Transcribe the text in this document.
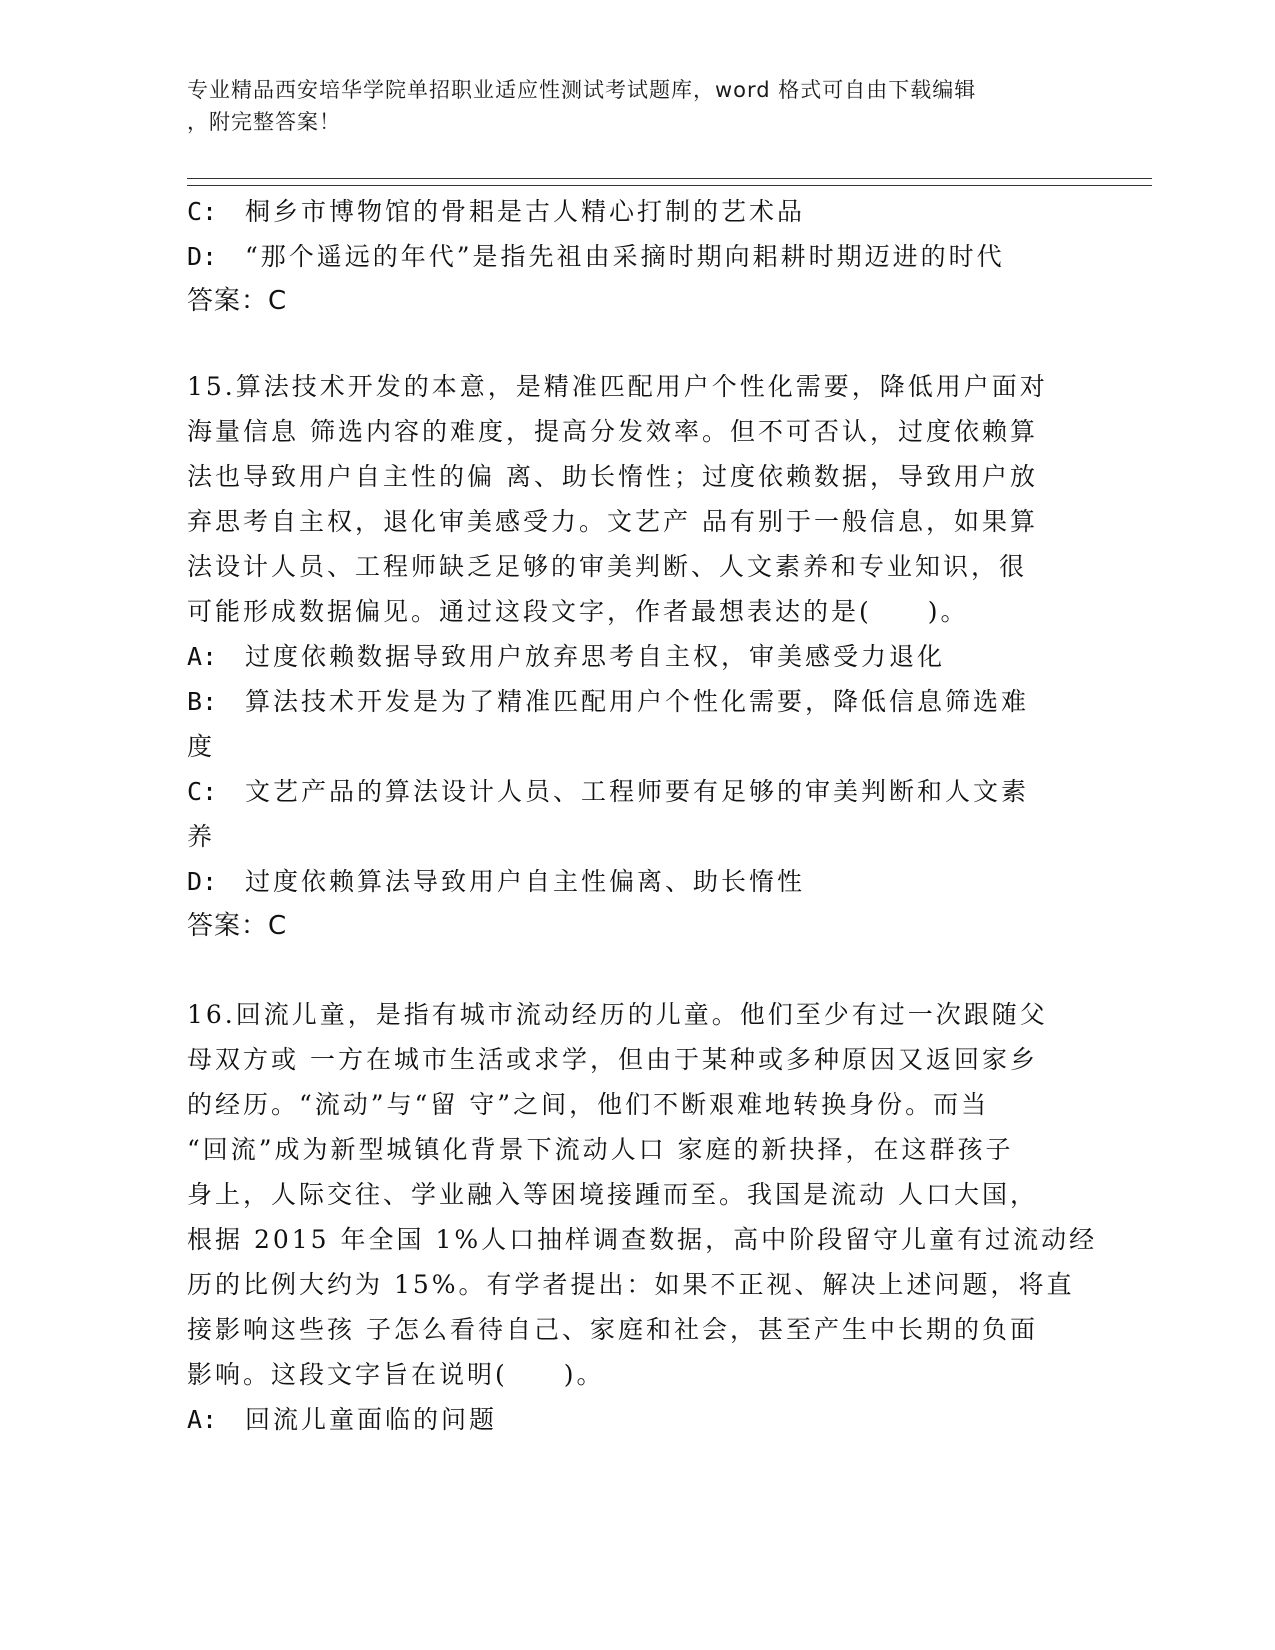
专业精品西安培华学院单招职业适应性测试考试题库，word 格式可自由下载编辑
，附完整答案！
C:	桐乡市博物馆的骨耜是古人精心打制的艺术品
D:	“那个遥远的年代”是指先祖由采摘时期向耜耕时期迈进的时代
答案：C
15.算法技术开发的本意，是精准匹配用户个性化需要，降低用户面对
海量信息 筛选内容的难度，提高分发效率。但不可否认，过度依赖算
法也导致用户自主性的偏 离、助长惰性；过度依赖数据，导致用户放
弃思考自主权，退化审美感受力。文艺产 品有别于一般信息，如果算
法设计人员、工程师缺乏足够的审美判断、人文素养和专业知识，很
可能形成数据偏见。通过这段文字，作者最想表达的是(　　)。
A:	过度依赖数据导致用户放弃思考自主权，审美感受力退化
B:	算法技术开发是为了精准匹配用户个性化需要，降低信息筛选难
度
C:	文艺产品的算法设计人员、工程师要有足够的审美判断和人文素
养
D:	过度依赖算法导致用户自主性偏离、助长惰性
答案：C
16.回流儿童，是指有城市流动经历的儿童。他们至少有过一次跟随父
母双方或 一方在城市生活或求学，但由于某种或多种原因又返回家乡
的经历。“流动”与“留 守”之间，他们不断艰难地转换身份。而当
“回流”成为新型城镇化背景下流动人口 家庭的新抉择，在这群孩子
身上，人际交往、学业融入等困境接踵而至。我国是流动 人口大国，
根据 2015 年全国 1%人口抽样调查数据，高中阶段留守儿童有过流动经
历的比例大约为 15%。有学者提出：如果不正视、解决上述问题，将直
接影响这些孩 子怎么看待自己、家庭和社会，甚至产生中长期的负面
影响。这段文字旨在说明(　　)。
A:	回流儿童面临的问题
